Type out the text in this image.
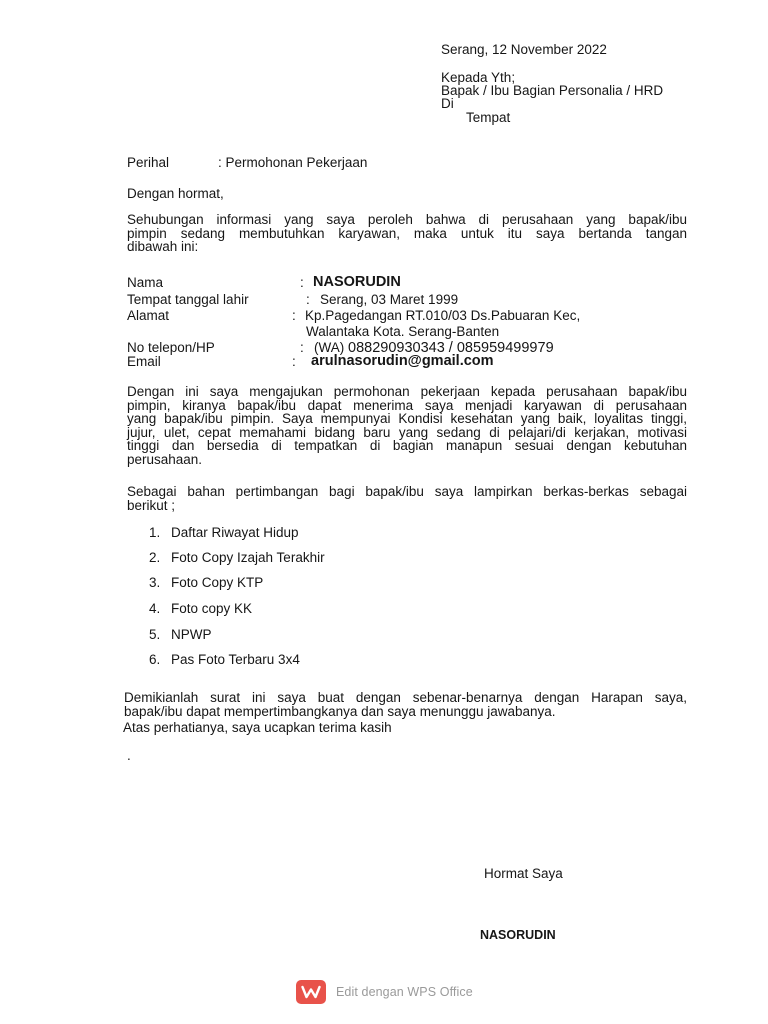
Serang, 12 November 2022
Kepada Yth;
Bapak / Ibu Bagian Personalia / HRD
Di
Tempat
Perihal	: Permohonan Pekerjaan
Dengan hormat,
Sehubungan informasi yang saya peroleh bahwa di perusahaan yang bapak/ibu
pimpin sedang membutuhkan karyawan, maka untuk itu saya bertanda tangan
dibawah ini:
Nama	: NASORUDIN
Tempat tanggal lahir	: Serang, 03 Maret 1999
Alamat	: Kp.Pagedangan RT.010/03 Ds.Pabuaran Kec,
Walantaka Kota. Serang-Banten
No telepon/HP	: (WA) 088290930343 / 085959499979
Email	: arulnasorudin@gmail.com
Dengan ini saya mengajukan permohonan pekerjaan kepada perusahaan bapak/ibu
pimpin, kiranya bapak/ibu dapat menerima saya menjadi karyawan di perusahaan
yang bapak/ibu pimpin. Saya mempunyai Kondisi kesehatan yang baik, loyalitas tinggi,
jujur, ulet, cepat memahami bidang baru yang sedang di pelajari/di kerjakan, motivasi
tinggi dan bersedia di tempatkan di bagian manapun sesuai dengan kebutuhan
perusahaan.
Sebagai bahan pertimbangan bagi bapak/ibu saya lampirkan berkas-berkas sebagai
berikut ;
1. Daftar Riwayat Hidup
2. Foto Copy Izajah Terakhir
3. Foto Copy KTP
4. Foto copy KK
5. NPWP
6. Pas Foto Terbaru 3x4
Demikianlah surat ini saya buat dengan sebenar-benarnya dengan Harapan saya,
bapak/ibu dapat mempertimbangkanya dan saya menunggu jawabanya.
Atas perhatianya, saya ucapkan terima kasih
.
Hormat Saya
NASORUDIN
Edit dengan WPS Office
